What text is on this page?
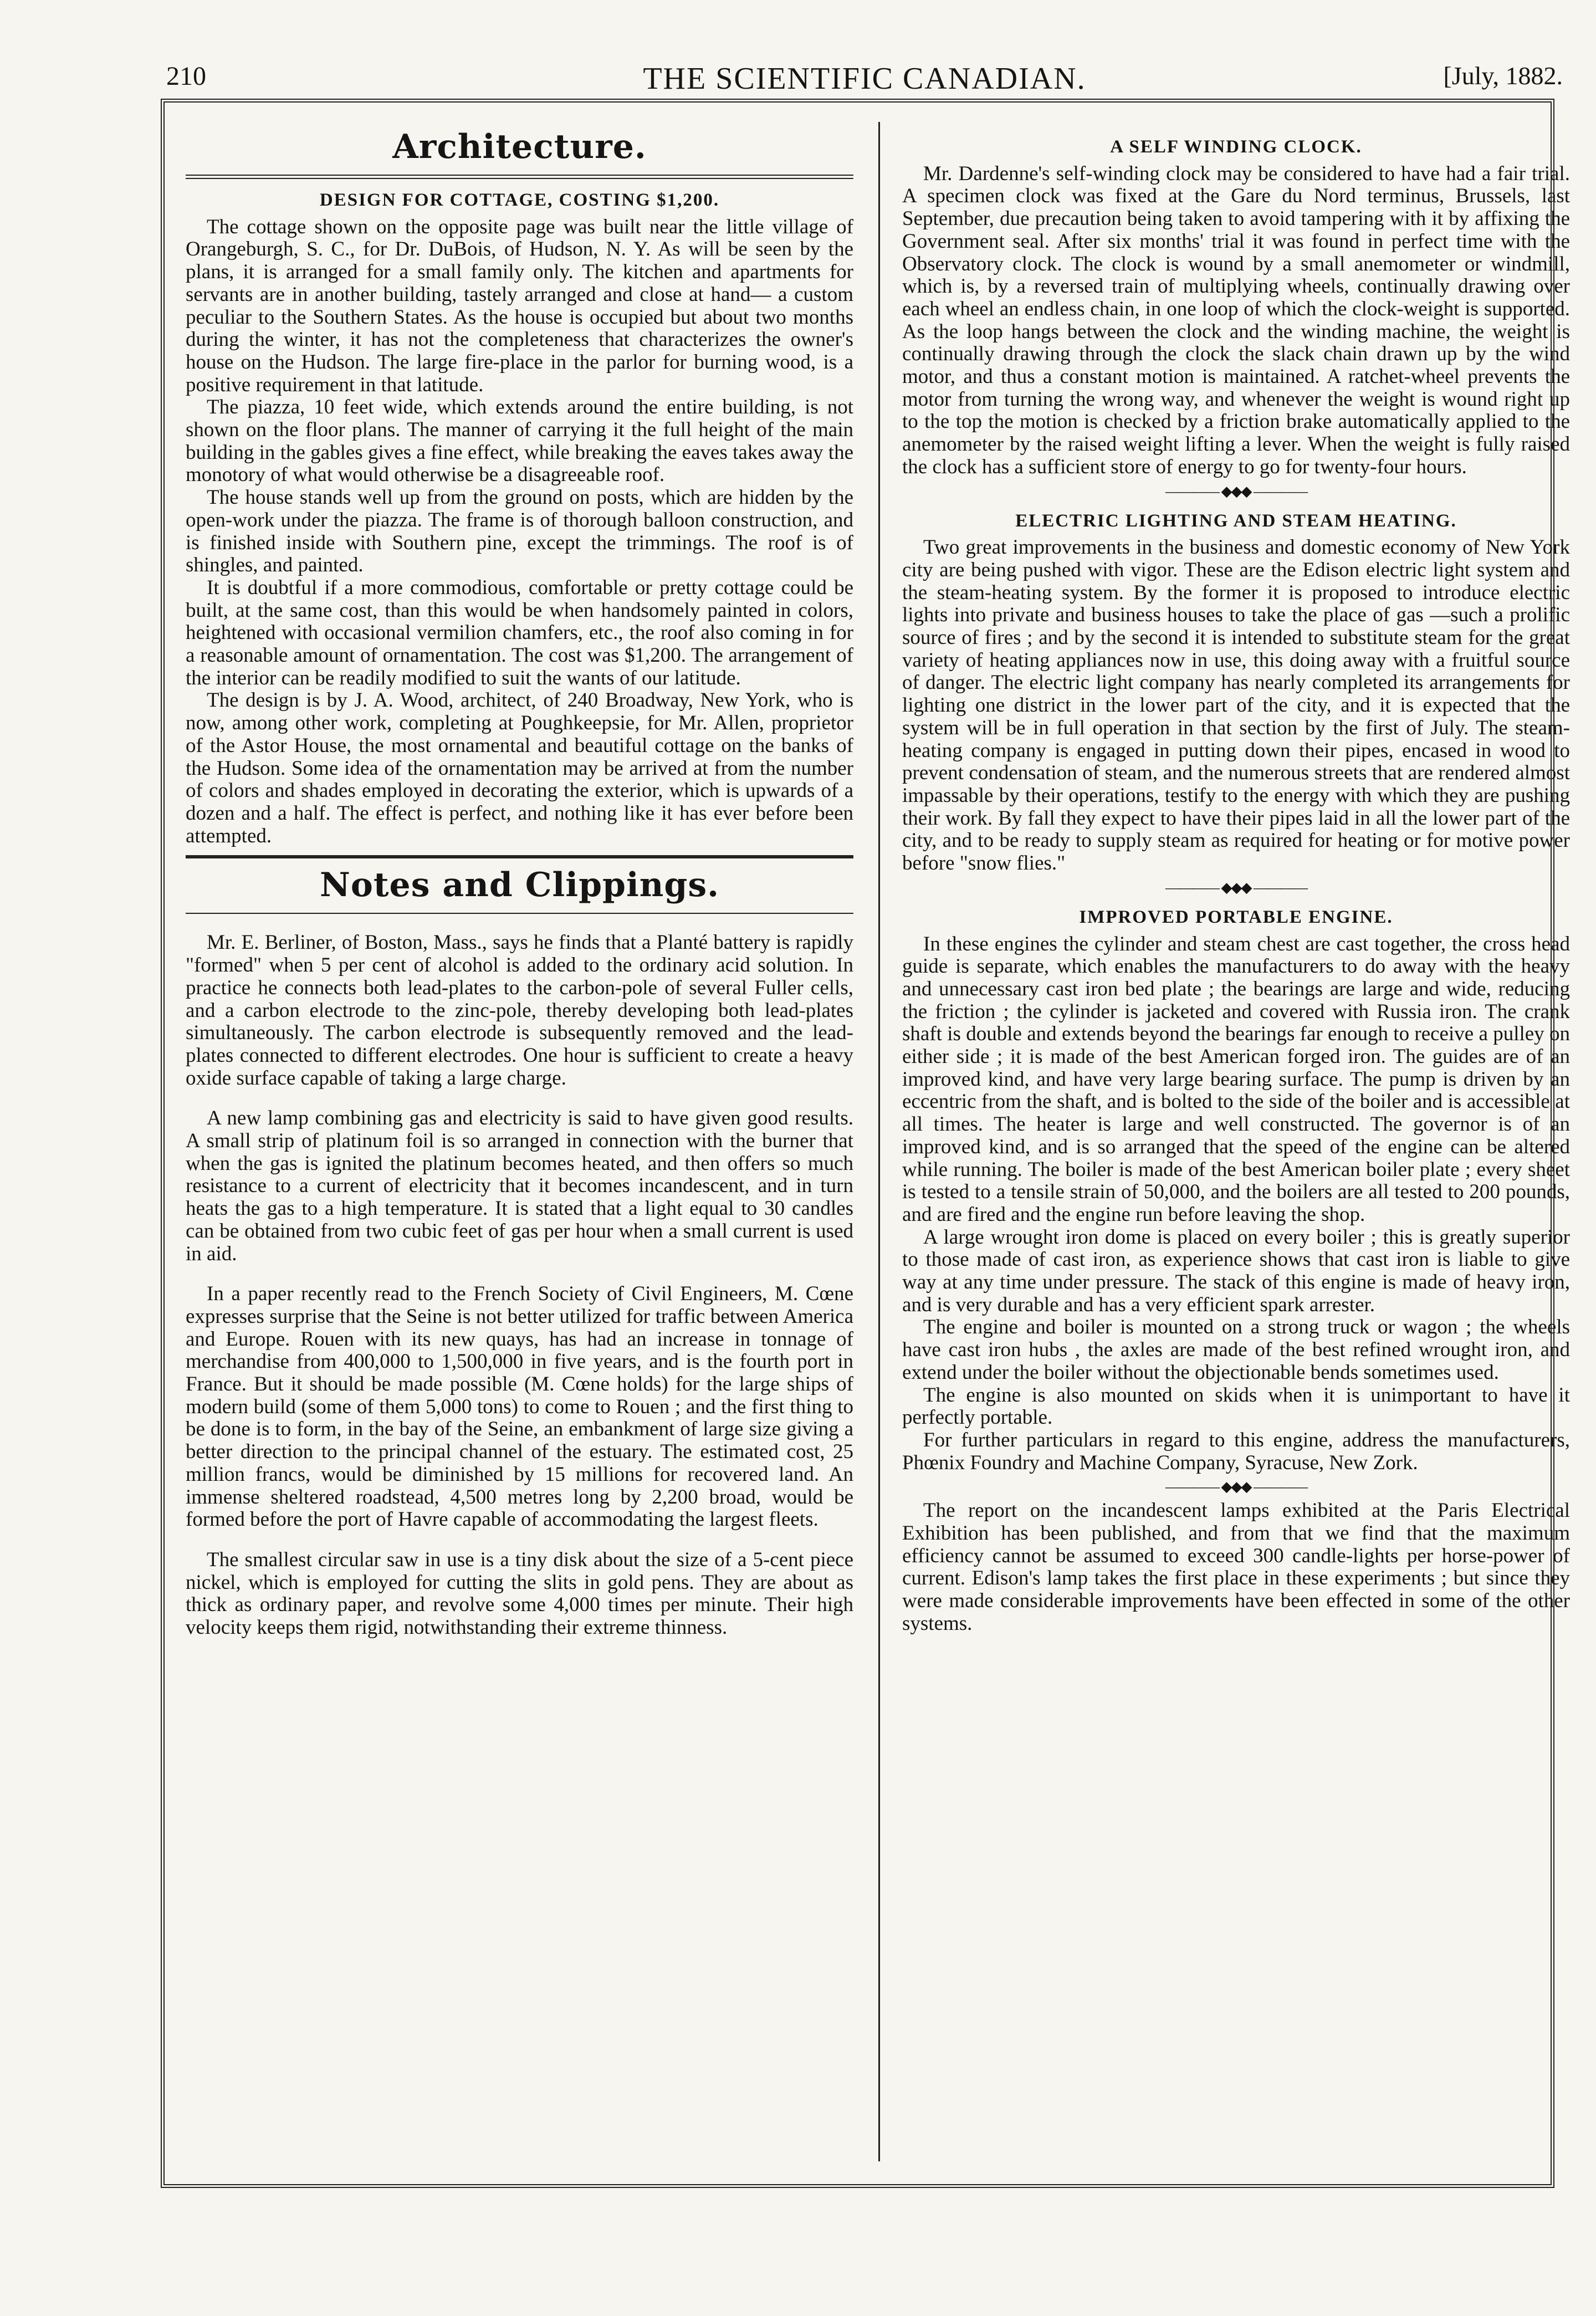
210	THE SCIENTIFIC CANADIAN.	[July, 1882.
Architecture.
DESIGN FOR COTTAGE, COSTING $1,200.

The cottage shown on the opposite page was built near the little village of Orangeburgh, S. C., for Dr. DuBois, of Hudson, N. Y. As will be seen by the plans, it is arranged for a small family only. The kitchen and apartments for servants are in another building, tastely arranged and close at hand— a custom peculiar to the Southern States. As the house is occupied but about two months during the winter, it has not the completeness that characterizes the owner's house on the Hudson. The large fire-place in the parlor for burning wood, is a positive requirement in that latitude.

The piazza, 10 feet wide, which extends around the entire building, is not shown on the floor plans. The manner of carrying it the full height of the main building in the gables gives a fine effect, while breaking the eaves takes away the monotory of what would otherwise be a disagreeable roof.

The house stands well up from the ground on posts, which are hidden by the open-work under the piazza. The frame is of thorough balloon construction, and is finished inside with Southern pine, except the trimmings. The roof is of shingles, and painted.

It is doubtful if a more commodious, comfortable or pretty cottage could be built, at the same cost, than this would be when handsomely painted in colors, heightened with occasional vermilion chamfers, etc., the roof also coming in for a reasonable amount of ornamentation. The cost was $1,200. The arrangement of the interior can be readily modified to suit the wants of our latitude.

The design is by J. A. Wood, architect, of 240 Broadway, New York, who is now, among other work, completing at Poughkeepsie, for Mr. Allen, proprietor of the Astor House, the most ornamental and beautiful cottage on the banks of the Hudson. Some idea of the ornamentation may be arrived at from the number of colors and shades employed in decorating the exterior, which is upwards of a dozen and a half. The effect is perfect, and nothing like it has ever before been attempted.

Notes and Clippings.

Mr. E. Berliner, of Boston, Mass., says he finds that a Planté battery is rapidly "formed" when 5 per cent of alcohol is added to the ordinary acid solution. In practice he connects both lead-plates to the carbon-pole of several Fuller cells, and a carbon electrode to the zinc-pole, thereby developing both lead-plates simultaneously. The carbon electrode is subsequently removed and the lead-plates connected to different electrodes. One hour is sufficient to create a heavy oxide surface capable of taking a large charge.

A new lamp combining gas and electricity is said to have given good results. A small strip of platinum foil is so arranged in connection with the burner that when the gas is ignited the platinum becomes heated, and then offers so much resistance to a current of electricity that it becomes incandescent, and in turn heats the gas to a high temperature. It is stated that a light equal to 30 candles can be obtained from two cubic feet of gas per hour when a small current is used in aid.

In a paper recently read to the French Society of Civil Engineers, M. Cœne expresses surprise that the Seine is not better utilized for traffic between America and Europe. Rouen with its new quays, has had an increase in tonnage of merchandise from 400,000 to 1,500,000 in five years, and is the fourth port in France. But it should be made possible (M. Cœne holds) for the large ships of modern build (some of them 5,000 tons) to come to Rouen ; and the first thing to be done is to form, in the bay of the Seine, an embankment of large size giving a better direction to the principal channel of the estuary. The estimated cost, 25 million francs, would be diminished by 15 millions for recovered land. An immense sheltered roadstead, 4,500 metres long by 2,200 broad, would be formed before the port of Havre capable of accommodating the largest fleets.

The smallest circular saw in use is a tiny disk about the size of a 5-cent piece nickel, which is employed for cutting the slits in gold pens. They are about as thick as ordinary paper, and revolve some 4,000 times per minute. Their high velocity keeps them rigid, notwithstanding their extreme thinness.

A SELF WINDING CLOCK.

Mr. Dardenne's self-winding clock may be considered to have had a fair trial. A specimen clock was fixed at the Gare du Nord terminus, Brussels, last September, due precaution being taken to avoid tampering with it by affixing the Government seal. After six months' trial it was found in perfect time with the Observatory clock. The clock is wound by a small anemometer or windmill, which is, by a reversed train of multiplying wheels, continually drawing over each wheel an endless chain, in one loop of which the clock-weight is supported. As the loop hangs between the clock and the winding machine, the weight is continually drawing through the clock the slack chain drawn up by the wind motor, and thus a constant motion is maintained. A ratchet-wheel prevents the motor from turning the wrong way, and whenever the weight is wound right up to the top the motion is checked by a friction brake automatically applied to the anemometer by the raised weight lifting a lever. When the weight is fully raised the clock has a sufficient store of energy to go for twenty-four hours.

———— ◆◆◆ ————
ELECTRIC LIGHTING AND STEAM HEATING.

Two great improvements in the business and domestic economy of New York city are being pushed with vigor. These are the Edison electric light system and the steam-heating system. By the former it is proposed to introduce electric lights into private and business houses to take the place of gas —such a prolific source of fires ; and by the second it is intended to substitute steam for the great variety of heating appliances now in use, this doing away with a fruitful source of danger. The electric light company has nearly completed its arrangements for lighting one district in the lower part of the city, and it is expected that the system will be in full operation in that section by the first of July. The steam-heating company is engaged in putting down their pipes, encased in wood to prevent condensation of steam, and the numerous streets that are rendered almost impassable by their operations, testify to the energy with which they are pushing their work. By fall they expect to have their pipes laid in all the lower part of the city, and to be ready to supply steam as required for heating or for motive power before "snow flies."

———— ◆◆◆ ————
IMPROVED PORTABLE ENGINE.

In these engines the cylinder and steam chest are cast together, the cross head guide is separate, which enables the manufacturers to do away with the heavy and unnecessary cast iron bed plate ; the bearings are large and wide, reducing the friction ; the cylinder is jacketed and covered with Russia iron. The crank shaft is double and extends beyond the bearings far enough to receive a pulley on either side ; it is made of the best American forged iron. The guides are of an improved kind, and have very large bearing surface. The pump is driven by an eccentric from the shaft, and is bolted to the side of the boiler and is accessible at all times. The heater is large and well constructed. The governor is of an improved kind, and is so arranged that the speed of the engine can be altered while running. The boiler is made of the best American boiler plate ; every sheet is tested to a tensile strain of 50,000, and the boilers are all tested to 200 pounds, and are fired and the engine run before leaving the shop.

A large wrought iron dome is placed on every boiler ; this is greatly superior to those made of cast iron, as experience shows that cast iron is liable to give way at any time under pressure. The stack of this engine is made of heavy iron, and is very durable and has a very efficient spark arrester.

The engine and boiler is mounted on a strong truck or wagon ; the wheels have cast iron hubs , the axles are made of the best refined wrought iron, and extend under the boiler without the objectionable bends sometimes used.

The engine is also mounted on skids when it is unimportant to have it perfectly portable.

For further particulars in regard to this engine, address the manufacturers, Phœnix Foundry and Machine Company, Syracuse, New Zork.

———— ◆◆◆ ————

The report on the incandescent lamps exhibited at the Paris Electrical Exhibition has been published, and from that we find that the maximum efficiency cannot be assumed to exceed 300 candle-lights per horse-power of current. Edison's lamp takes the first place in these experiments ; but since they were made considerable improvements have been effected in some of the other systems.
